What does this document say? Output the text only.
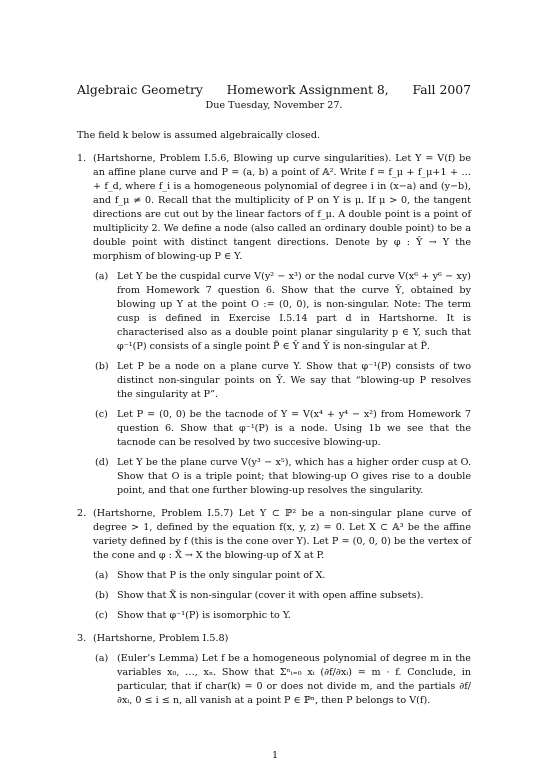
Algebraic Geometry Homework Assignment 8, Fall 2007
Due Tuesday, November 27.

The field k below is assumed algebraically closed.

1. (Hartshorne, Problem I.5.6, Blowing up curve singularities). Let Y = V(f) be an affine plane curve and P = (a, b) a point of 𝔸². Write f = f_μ + f_μ+1 + … + f_d, where f_i is a homogeneous polynomial of degree i in (x−a) and (y−b), and f_μ ≠ 0. Recall that the multiplicity of P on Y is μ. If μ > 0, the tangent directions are cut out by the linear factors of f_μ. A double point is a point of multiplicity 2. We define a node (also called an ordinary double point) to be a double point with distinct tangent directions. Denote by φ : Ỹ → Y the morphism of blowing-up P ∈ Y.

(a) Let Y be the cuspidal curve V(y² − x³) or the nodal curve V(x⁶ + y⁶ − xy) from Homework 7 question 6. Show that the curve Ỹ, obtained by blowing up Y at the point O := (0, 0), is non-singular. Note: The term cusp is defined in Exercise I.5.14 part d in Hartshorne. It is characterised also as a double point planar singularity p ∈ Y, such that φ⁻¹(P) consists of a single point P̃ ∈ Ỹ and Ỹ is non-singular at P̃.

(b) Let P be a node on a plane curve Y. Show that φ⁻¹(P) consists of two distinct non-singular points on Ỹ. We say that “blowing-up P resolves the singularity at P”.

(c) Let P = (0, 0) be the tacnode of Y = V(x⁴ + y⁴ − x²) from Homework 7 question 6. Show that φ⁻¹(P) is a node. Using 1b we see that the tacnode can be resolved by two succesive blowing-up.

(d) Let Y be the plane curve V(y³ − x⁵), which has a higher order cusp at O. Show that O is a triple point; that blowing-up O gives rise to a double point, and that one further blowing-up resolves the singularity.

2. (Hartshorne, Problem I.5.7) Let Y ⊂ ℙ² be a non-singular plane curve of degree > 1, defined by the equation f(x, y, z) = 0. Let X ⊂ 𝔸³ be the affine variety defined by f (this is the cone over Y). Let P = (0, 0, 0) be the vertex of the cone and φ : X̃ → X the blowing-up of X at P.

(a) Show that P is the only singular point of X.

(b) Show that X̃ is non-singular (cover it with open affine subsets).

(c) Show that φ⁻¹(P) is isomorphic to Y.

3. (Hartshorne, Problem I.5.8)

(a) (Euler’s Lemma) Let f be a homogeneous polynomial of degree m in the variables x₀, …, xₙ. Show that Σⁿᵢ₌₀ xᵢ (∂f/∂xᵢ) = m · f. Conclude, in particular, that if char(k) = 0 or does not divide m, and the partials ∂f/∂xᵢ, 0 ≤ i ≤ n, all vanish at a point P ∈ ℙⁿ, then P belongs to V(f).

1
